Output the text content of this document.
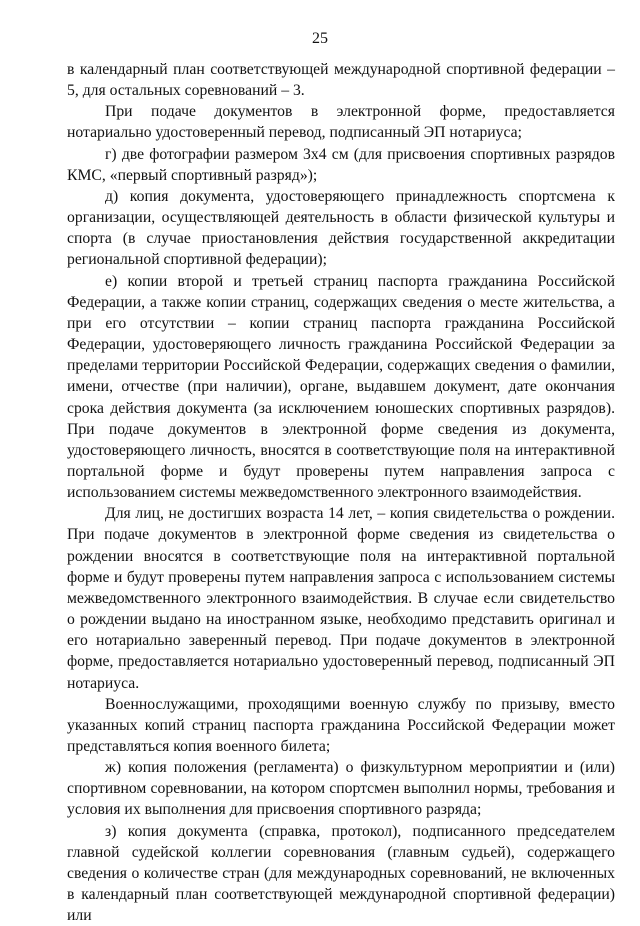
25

в календарный план соответствующей международной спортивной федерации – 5, для остальных соревнований – 3.

При подаче документов в электронной форме, предоставляется нотариально удостоверенный перевод, подписанный ЭП нотариуса;

г) две фотографии размером 3х4 см (для присвоения спортивных разрядов КМС, «первый спортивный разряд»);

д) копия документа, удостоверяющего принадлежность спортсмена к организации, осуществляющей деятельность в области физической культуры и спорта (в случае приостановления действия государственной аккредитации региональной спортивной федерации);

е) копии второй и третьей страниц паспорта гражданина Российской Федерации, а также копии страниц, содержащих сведения о месте жительства, а при его отсутствии – копии страниц паспорта гражданина Российской Федерации, удостоверяющего личность гражданина Российской Федерации за пределами территории Российской Федерации, содержащих сведения о фамилии, имени, отчестве (при наличии), органе, выдавшем документ, дате окончания срока действия документа (за исключением юношеских спортивных разрядов). При подаче документов в электронной форме сведения из документа, удостоверяющего личность, вносятся в соответствующие поля на интерактивной портальной форме и будут проверены путем направления запроса с использованием системы межведомственного электронного взаимодействия.

Для лиц, не достигших возраста 14 лет, – копия свидетельства о рождении. При подаче документов в электронной форме сведения из свидетельства о рождении вносятся в соответствующие поля на интерактивной портальной форме и будут проверены путем направления запроса с использованием системы межведомственного электронного взаимодействия. В случае если свидетельство о рождении выдано на иностранном языке, необходимо представить оригинал и его нотариально заверенный перевод. При подаче документов в электронной форме, предоставляется нотариально удостоверенный перевод, подписанный ЭП нотариуса.

Военнослужащими, проходящими военную службу по призыву, вместо указанных копий страниц паспорта гражданина Российской Федерации может представляться копия военного билета;

ж) копия положения (регламента) о физкультурном мероприятии и (или) спортивном соревновании, на котором спортсмен выполнил нормы, требования и условия их выполнения для присвоения спортивного разряда;

з) копия документа (справка, протокол), подписанного председателем главной судейской коллегии соревнования (главным судьей), содержащего сведения о количестве стран (для международных соревнований, не включенных в календарный план соответствующей международной спортивной федерации) или
